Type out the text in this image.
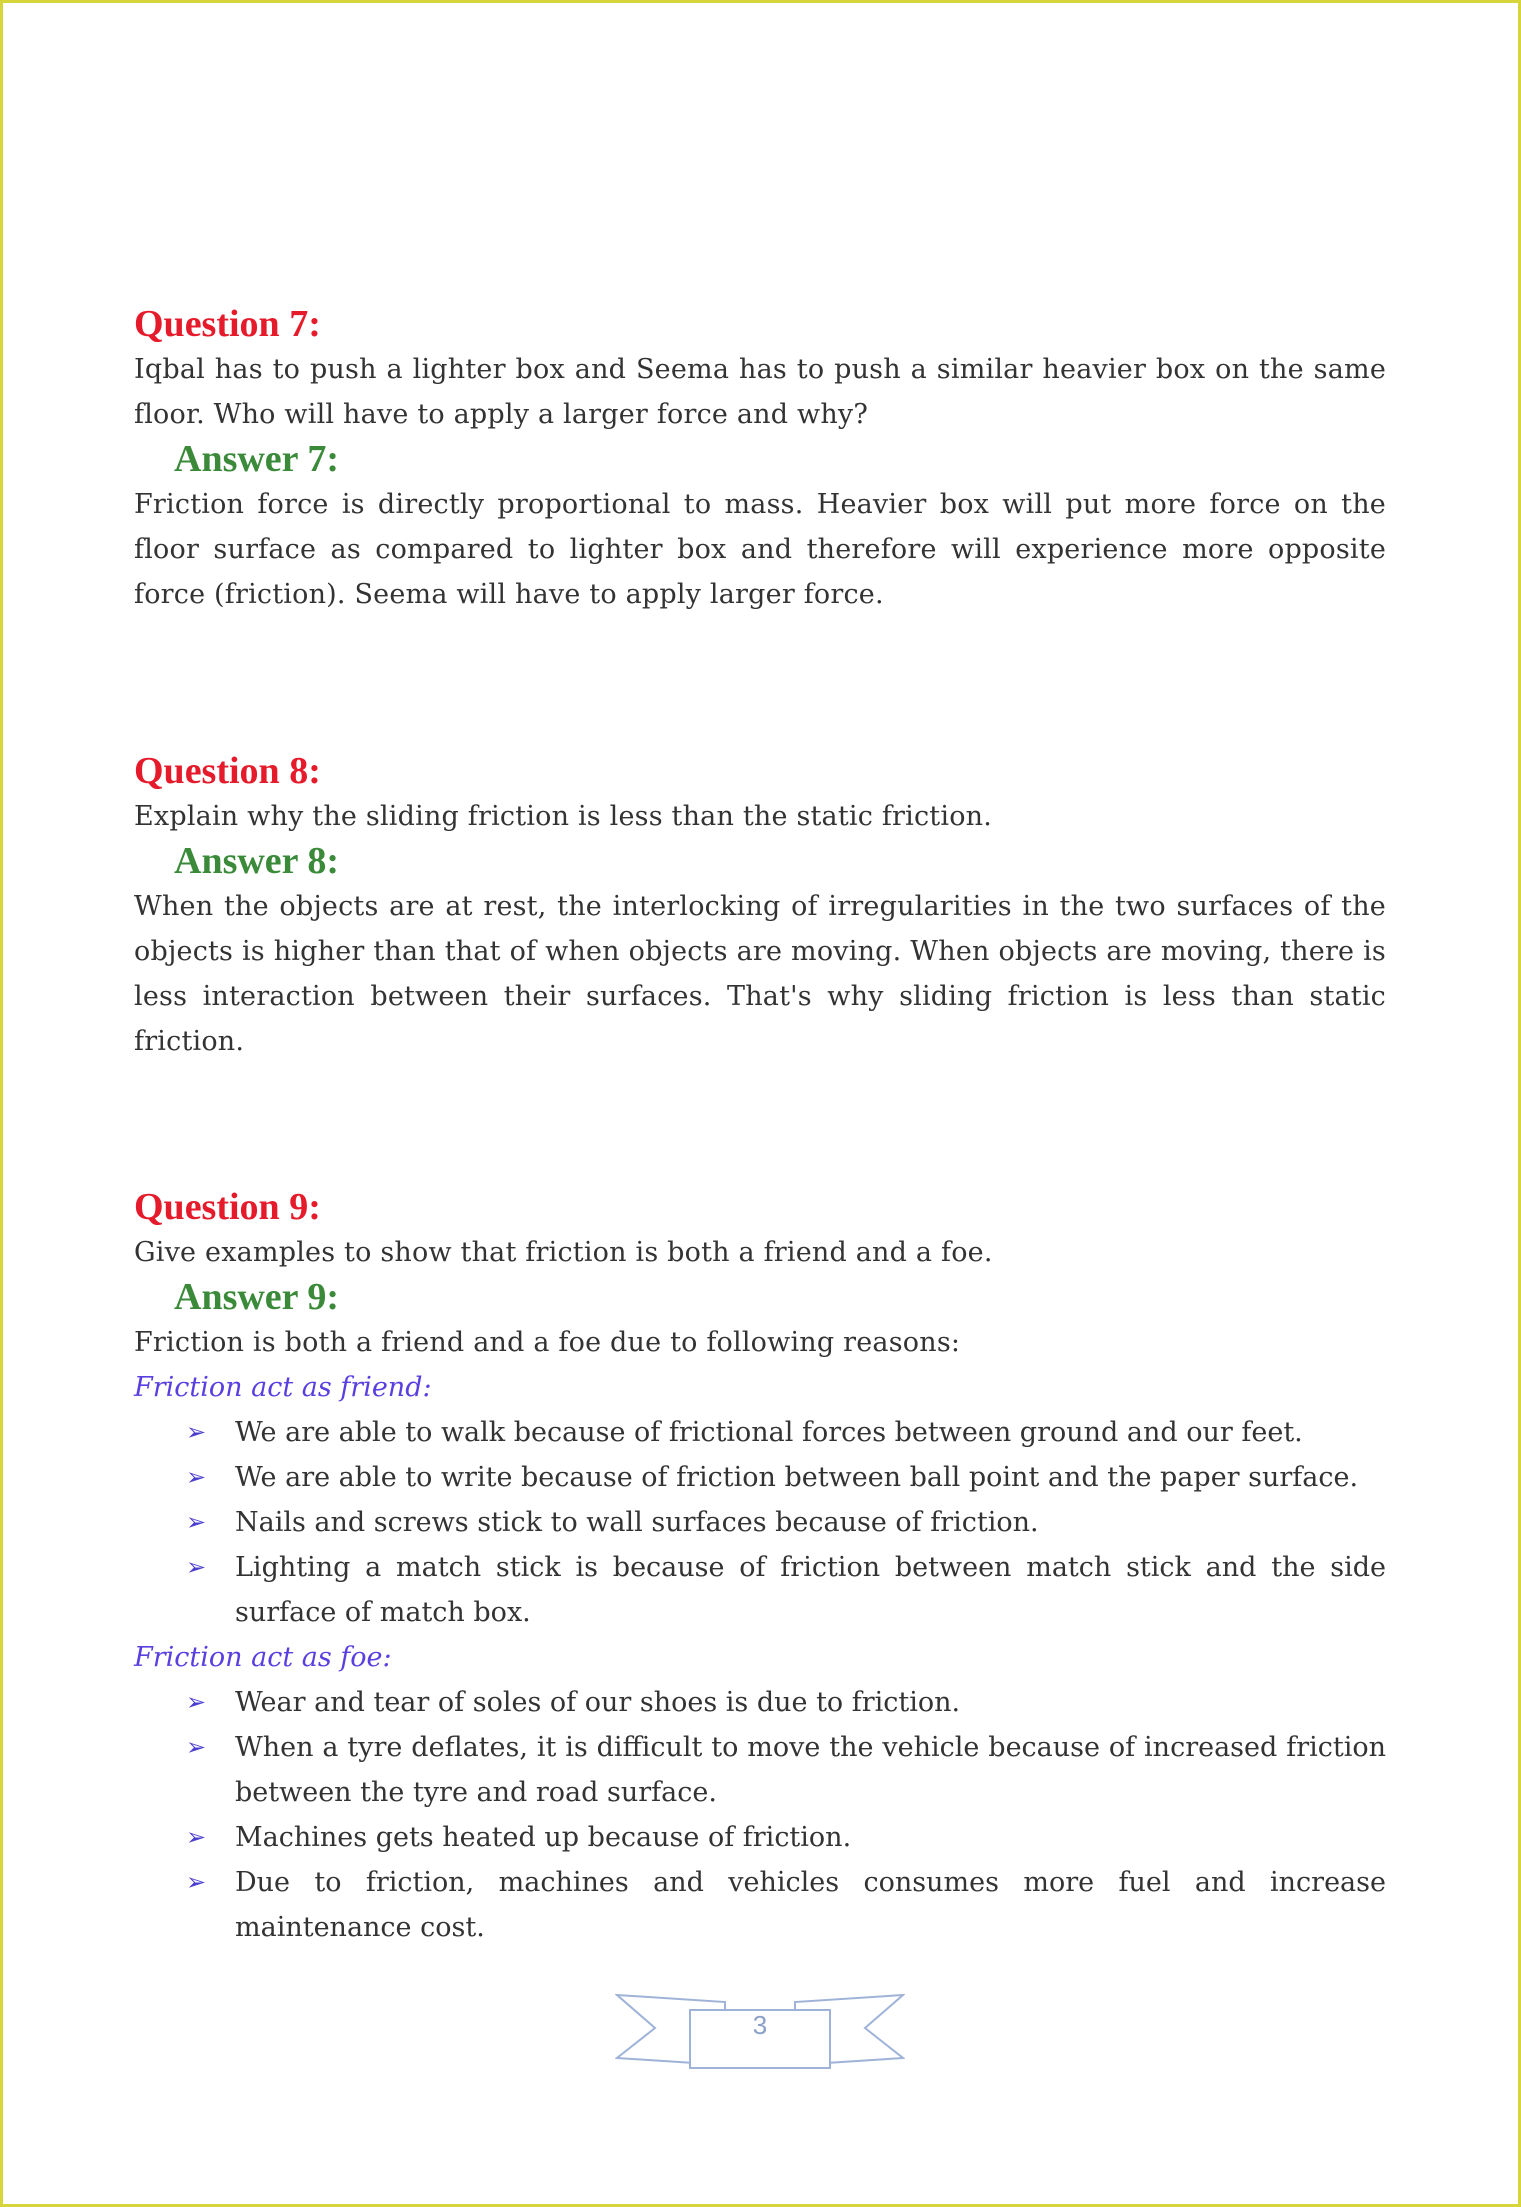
Question 7:
Iqbal has to push a lighter box and Seema has to push a similar heavier box on the same floor. Who will have to apply a larger force and why?
Answer 7:
Friction force is directly proportional to mass. Heavier box will put more force on the floor surface as compared to lighter box and therefore will experience more opposite force (friction). Seema will have to apply larger force.
Question 8:
Explain why the sliding friction is less than the static friction.
Answer 8:
When the objects are at rest, the interlocking of irregularities in the two surfaces of the objects is higher than that of when objects are moving. When objects are moving, there is less interaction between their surfaces. That's why sliding friction is less than static friction.
Question 9:
Give examples to show that friction is both a friend and a foe.
Answer 9:
Friction is both a friend and a foe due to following reasons:
Friction act as friend:
➢ We are able to walk because of frictional forces between ground and our feet.
➢ We are able to write because of friction between ball point and the paper surface.
➢ Nails and screws stick to wall surfaces because of friction.
➢ Lighting a match stick is because of friction between match stick and the side surface of match box.
Friction act as foe:
➢ Wear and tear of soles of our shoes is due to friction.
➢ When a tyre deflates, it is difficult to move the vehicle because of increased friction between the tyre and road surface.
➢ Machines gets heated up because of friction.
➢ Due to friction, machines and vehicles consumes more fuel and increase maintenance cost.
3
